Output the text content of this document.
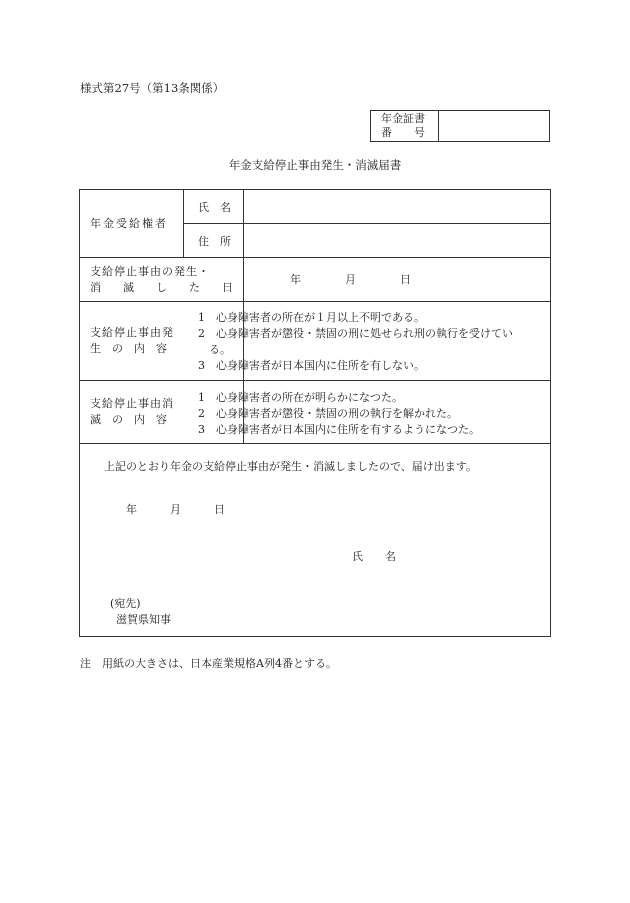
様式第27号（第13条関係）
年金証書
番　　号
年金支給停止事由発生・消滅届書
年金受給権者
氏　名
住　所
支給停止事由の発生・
消　　滅　　し　　た　　日
年　　　　月　　　　日
支給停止事由発
生　の　内　容
1　心身障害者の所在が１月以上不明である。
2　心身障害者が懲役・禁固の刑に処せられ刑の執行を受けてい
　る。
3　心身障害者が日本国内に住所を有しない。
支給停止事由消
滅　の　内　容
1　心身障害者の所在が明らかになつた。
2　心身障害者が懲役・禁固の刑の執行を解かれた。
3　心身障害者が日本国内に住所を有するようになつた。
上記のとおり年金の支給停止事由が発生・消滅しましたので、届け出ます。
年　　　月　　　日
氏　　名
(宛先)
滋賀県知事
注　用紙の大きさは、日本産業規格A列4番とする。
